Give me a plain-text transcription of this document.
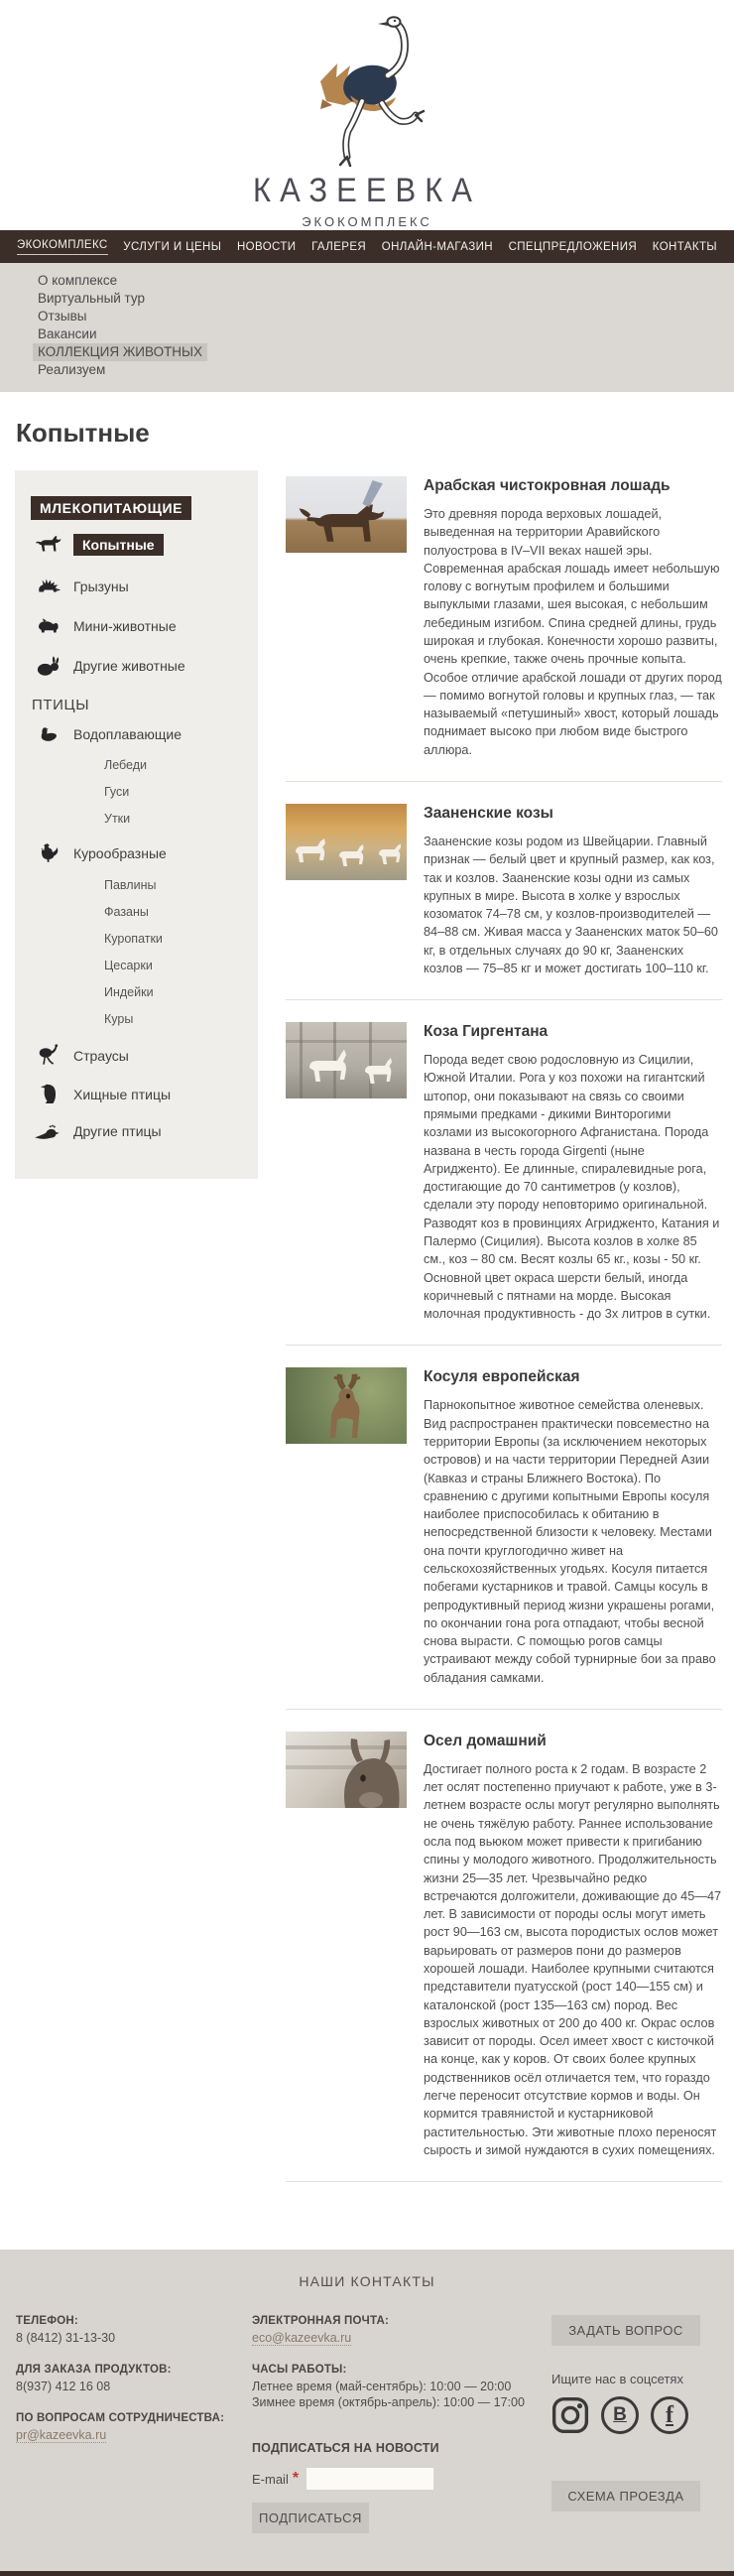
КАЗЕЕВКА
ЭКОКОМПЛЕКС
ЭКОКОМПЛЕКС УСЛУГИ И ЦЕНЫ НОВОСТИ ГАЛЕРЕЯ ОНЛАЙН-МАГАЗИН СПЕЦПРЕДЛОЖЕНИЯ КОНТАКТЫ
О комплексе
Виртуальный тур
Отзывы
Вакансии
КОЛЛЕКЦИЯ ЖИВОТНЫХ
Реализуем
Копытные
МЛЕКОПИТАЮЩИЕ
Копытные
Грызуны
Мини-животные
Другие животные
ПТИЦЫ
Водоплавающие
Лебеди
Гуси
Утки
Курообразные
Павлины
Фазаны
Куропатки
Цесарки
Индейки
Куры
Страусы
Хищные птицы
Другие птицы
Арабская чистокровная лошадь

Это древняя порода верховых лошадей, выведенная на территории Аравийского полуострова в IV–VII веках нашей эры. Современная арабская лошадь имеет небольшую голову с вогнутым профилем и большими выпуклыми глазами, шея высокая, с небольшим лебединым изгибом. Спина средней длины, грудь широкая и глубокая. Конечности хорошо развиты, очень крепкие, также очень прочные копыта. Особое отличие арабской лошади от других пород — помимо вогнутой головы и крупных глаз, — так называемый «петушиный» хвост, который лошадь поднимает высоко при любом виде быстрого аллюра.

Зааненские козы

Зааненские козы родом из Швейцарии. Главный признак — белый цвет и крупный размер, как коз, так и козлов. Зааненские козы одни из самых крупных в мире. Высота в холке у взрослых козоматок 74–78 см, у козлов-производителей — 84–88 см. Живая масса у Зааненских маток 50–60 кг, в отдельных случаях до 90 кг, Зааненских козлов — 75–85 кг и может достигать 100–110 кг.

Коза Гиргентана

Порода ведет свою родословную из Сицилии, Южной Италии. Рога у коз похожи на гигантский штопор, они показывают на связь со своими прямыми предками - дикими Винторогими козлами из высокогорного Афганистана. Порода названа в честь города Girgenti (ныне Агридженто). Ее длинные, спиралевидные рога, достигающие до 70 сантиметров (у козлов), сделали эту породу неповторимо оригинальной. Разводят коз в провинциях Агридженто, Катания и Палермо (Сицилия). Высота козлов в холке 85 см., коз – 80 см. Весят козлы 65 кг., козы - 50 кг. Основной цвет окраса шерсти белый, иногда коричневый с пятнами на морде. Высокая молочная продуктивность - до 3х литров в сутки.

Косуля европейская

Парнокопытное животное семейства оленевых. Вид распространен практически повсеместно на территории Европы (за исключением некоторых островов) и на части территории Передней Азии (Кавказ и страны Ближнего Востока). По сравнению с другими копытными Европы косуля наиболее приспособилась к обитанию в непосредственной близости к человеку. Местами она почти круглогодично живет на сельскохозяйственных угодьях. Косуля питается побегами кустарников и травой. Самцы косуль в репродуктивный период жизни украшены рогами, по окончании гона рога отпадают, чтобы весной снова вырасти. С помощью рогов самцы устраивают между собой турнирные бои за право обладания самками.

Осел домашний

Достигает полного роста к 2 годам. В возрасте 2 лет ослят постепенно приучают к работе, уже в 3-летнем возрасте ослы могут регулярно выполнять не очень тяжёлую работу. Раннее использование осла под вьюком может привести к пригибанию спины у молодого животного. Продолжительность жизни 25—35 лет. Чрезвычайно редко встречаются долгожители, доживающие до 45—47 лет. В зависимости от породы ослы могут иметь рост 90—163 см, высота породистых ослов может варьировать от размеров пони до размеров хорошей лошади. Наиболее крупными считаются представители пуатусской (рост 140—155 см) и каталонской (рост 135—163 см) пород. Вес взрослых животных от 200 до 400 кг. Окрас ослов зависит от породы. Осел имеет хвост с кисточкой на конце, как у коров. От своих более крупных родственников осёл отличается тем, что гораздо легче переносит отсутствие кормов и воды. Он кормится травянистой и кустарниковой растительностью. Эти животные плохо переносят сырость и зимой нуждаются в сухих помещениях.

НАШИ КОНТАКТЫ

ТЕЛЕФОН:

8 (8412) 31-13-30

ДЛЯ ЗАКАЗА ПРОДУКТОВ:

8(937) 412 16 08

ПО ВОПРОСАМ СОТРУДНИЧЕСТВА:

pr@kazeevka.ru

ЭЛЕКТРОННАЯ ПОЧТА:

eco@kazeevka.ru

ЧАСЫ РАБОТЫ:

Летнее время (май-сентябрь): 10:00 — 20:00

Зимнее время (октябрь-апрель): 10:00 — 17:00

ПОДПИСАТЬСЯ НА НОВОСТИ

E-mail *
ПОДПИСАТЬСЯ
ЗАДАТЬ ВОПРОС

Ищите нас в соцсетях

В	f
СХЕМА ПРОЕЗДА
